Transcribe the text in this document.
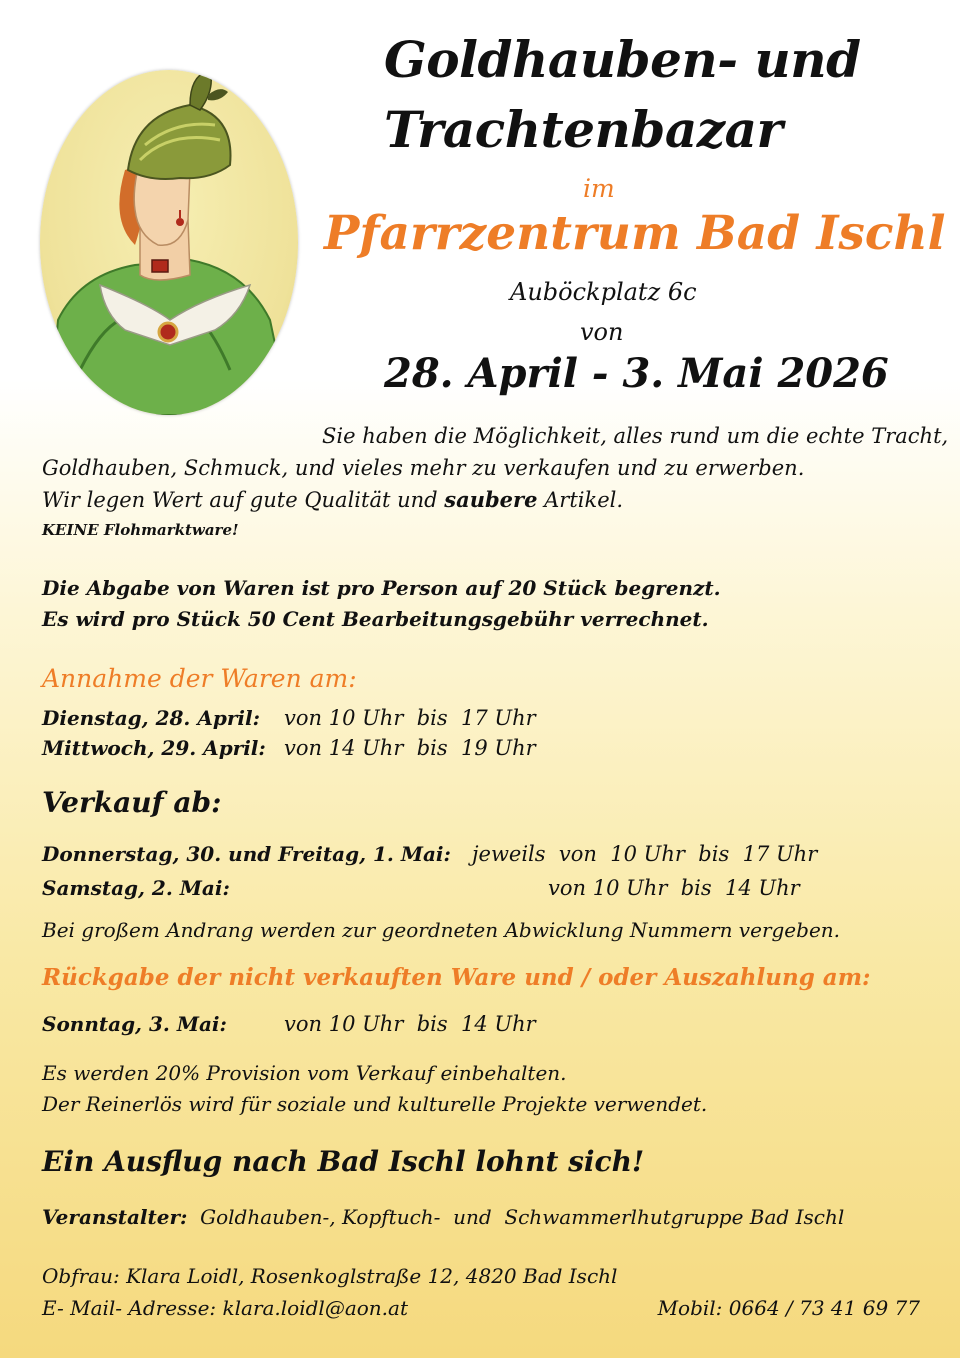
Goldhauben- und
Trachtenbazar
im
Pfarrzentrum Bad Ischl
Auböckplatz 6c
von
28. April - 3. Mai 2026
Sie haben die Möglichkeit, alles rund um die echte Tracht,
Goldhauben, Schmuck, und vieles mehr zu verkaufen und zu erwerben.
Wir legen Wert auf gute Qualität und saubere Artikel.
KEINE Flohmarktware!
Die Abgabe von Waren ist pro Person auf 20 Stück begrenzt.
Es wird pro Stück 50 Cent Bearbeitungsgebühr verrechnet.
Annahme der Waren am:
Dienstag, 28. April: von 10 Uhr  bis  17 Uhr
Mittwoch, 29. April: von 14 Uhr  bis  19 Uhr
Verkauf ab:
Donnerstag, 30. und Freitag, 1. Mai: jeweils  von  10 Uhr  bis  17 Uhr
Samstag, 2. Mai:	von 10 Uhr  bis  14 Uhr
Bei großem Andrang werden zur geordneten Abwicklung Nummern vergeben.
Rückgabe der nicht verkauften Ware und / oder Auszahlung am:
Sonntag, 3. Mai:	von 10 Uhr  bis  14 Uhr
Es werden 20% Provision vom Verkauf einbehalten.
Der Reinerlös wird für soziale und kulturelle Projekte verwendet.
Ein Ausflug nach Bad Ischl lohnt sich!
Veranstalter: Goldhauben-, Kopftuch-  und  Schwammerlhutgruppe Bad Ischl
Obfrau: Klara Loidl, Rosenkoglstraße 12, 4820 Bad Ischl
E- Mail- Adresse: klara.loidl@aon.at	Mobil: 0664 / 73 41 69 77
